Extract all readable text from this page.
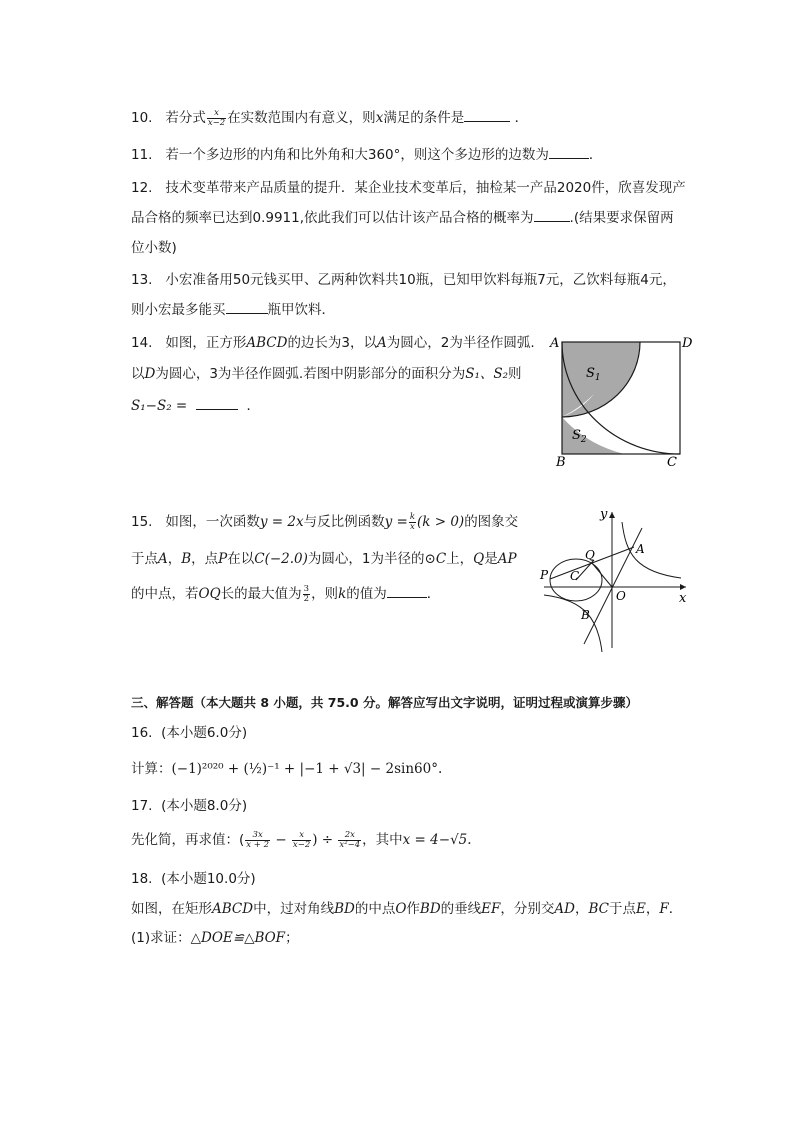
10. 若分式 $\frac{x}{x-2}$ 在实数范围内有意义，则x满足的条件是	．
11. 若一个多边形的内角和比外角和大360°，则这个多边形的边数为	．
12. 技术变革带来产品质量的提升．某企业技术变革后，抽检某一产品2020件，欣喜发现产
品合格的频率已达到0.9911,依此我们可以估计该产品合格的概率为	.(结果要求保留两
位小数)
13. 小宏准备用50元钱买甲、乙两种饮料共10瓶，已知甲饮料每瓶7元，乙饮料每瓶4元，
则小宏最多能买	瓶甲饮料．
14. 如图，正方形ABCD的边长为3，以A为圆心，2为半径作圆弧.
以D为圆心，3为半径作圆弧.若图中阴影部分的面积分为S₁、S₂则
S₁−S₂ =	．
A	D
B	C
$S_1$
$S_2$
15. 如图，一次函数y = 2x与反比例函数$y = \frac{k}{x} (k > 0)$的图象交
于点A，B，点P在以C(−2.0)为圆心，1为半径的⊙C上，Q是AP
的中点，若OQ长的最大值为 $\frac{3}{2}$ ，则k的值为	．
y
x
O
A
Q
P C
B
三、解答题（本大题共 8 小题，共 75.0 分。解答应写出文字说明，证明过程或演算步骤）
16. (本小题6.0分)
计算：(−1)²⁰²⁰ + (½)⁻¹ + |−1 + √3| − 2sin60°.
17. (本小题8.0分)
先化简，再求值：( $\frac{3x}{x + 2} - \frac{x}{x-2}$ ) ÷ $\frac{2x}{\text{x²−4}}$ ，其中x = 4−√5.
18. (本小题10.0分)
如图，在矩形ABCD中，过对角线BD的中点O作BD的垂线EF，分别交AD，BC于点E，F．
(1)求证：△DOE≌△BOF；
